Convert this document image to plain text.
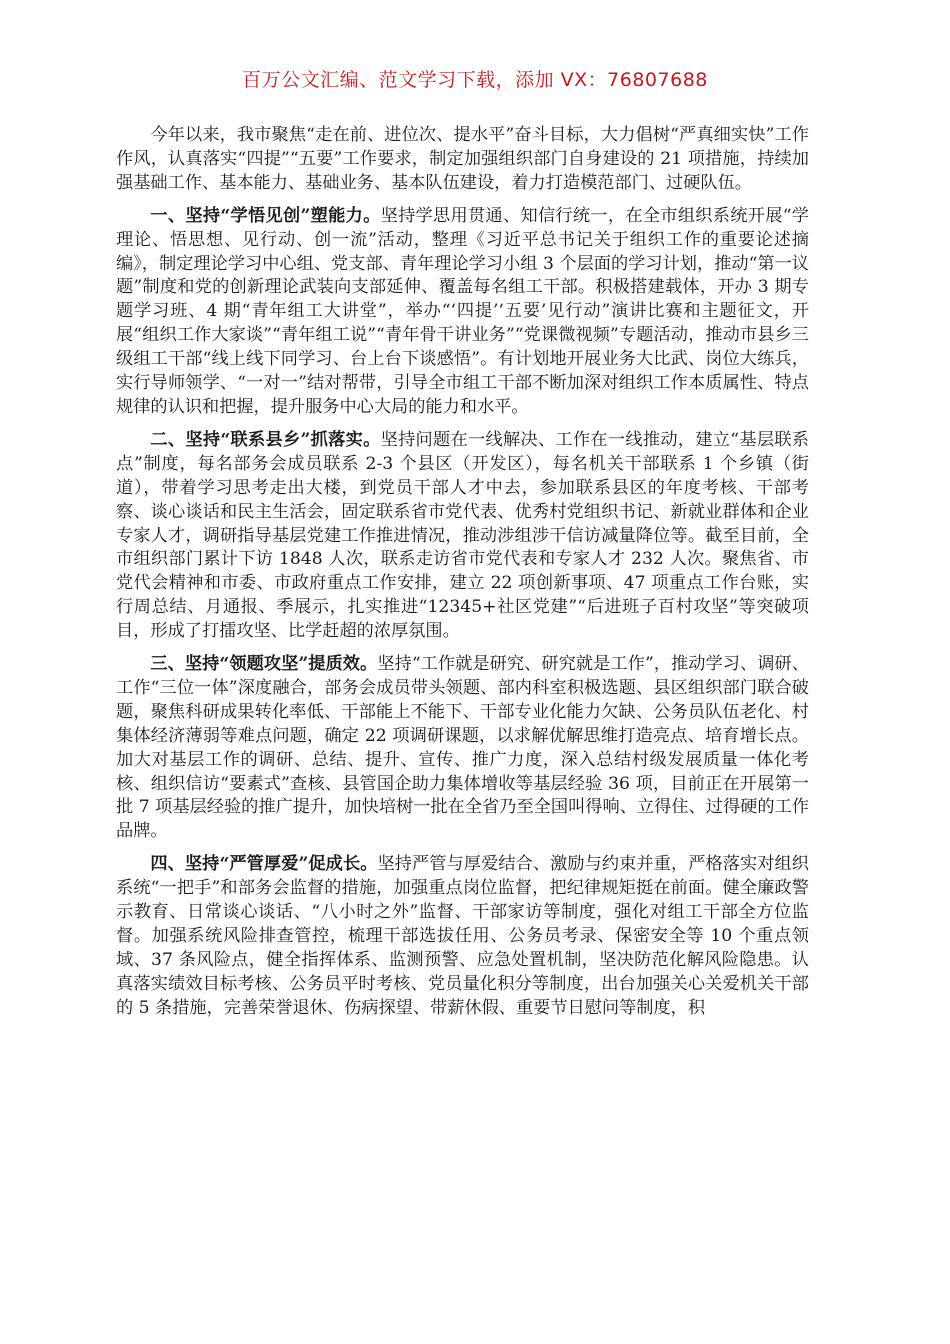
百万公文汇编、范文学习下载，添加 VX：76807688

今年以来，我市聚焦“走在前、进位次、提水平”奋斗目标，大力倡树“严真细实快”工作作风，认真落实“四提”“五要”工作要求，制定加强组织部门自身建设的 21 项措施，持续加强基础工作、基本能力、基础业务、基本队伍建设，着力打造模范部门、过硬队伍。

一、坚持“学悟见创”塑能力。坚持学思用贯通、知信行统一，在全市组织系统开展“学理论、悟思想、见行动、创一流”活动，整理《习近平总书记关于组织工作的重要论述摘编》，制定理论学习中心组、党支部、青年理论学习小组 3 个层面的学习计划，推动“第一议题”制度和党的创新理论武装向支部延伸、覆盖每名组工干部。积极搭建载体，开办 3 期专题学习班、4 期“青年组工大讲堂”，举办“‘四提’‘五要’见行动”演讲比赛和主题征文，开展“组织工作大家谈”“青年组工说”“青年骨干讲业务”“党课微视频”专题活动，推动市县乡三级组工干部“线上线下同学习、台上台下谈感悟”。有计划地开展业务大比武、岗位大练兵，实行导师领学、“一对一”结对帮带，引导全市组工干部不断加深对组织工作本质属性、特点规律的认识和把握，提升服务中心大局的能力和水平。

二、坚持“联系县乡”抓落实。坚持问题在一线解决、工作在一线推动，建立“基层联系点”制度，每名部务会成员联系 2-3 个县区（开发区），每名机关干部联系 1 个乡镇（街道），带着学习思考走出大楼，到党员干部人才中去，参加联系县区的年度考核、干部考察、谈心谈话和民主生活会，固定联系省市党代表、优秀村党组织书记、新就业群体和企业专家人才，调研指导基层党建工作推进情况，推动涉组涉干信访减量降位等。截至目前，全市组织部门累计下访 1848 人次，联系走访省市党代表和专家人才 232 人次。聚焦省、市党代会精神和市委、市政府重点工作安排，建立 22 项创新事项、47 项重点工作台账，实行周总结、月通报、季展示，扎实推进“12345+社区党建”“后进班子百村攻坚”等突破项目，形成了打擂攻坚、比学赶超的浓厚氛围。

三、坚持“领题攻坚”提质效。坚持“工作就是研究、研究就是工作”，推动学习、调研、工作“三位一体”深度融合，部务会成员带头领题、部内科室积极选题、县区组织部门联合破题，聚焦科研成果转化率低、干部能上不能下、干部专业化能力欠缺、公务员队伍老化、村集体经济薄弱等难点问题，确定 22 项调研课题，以求解优解思维打造亮点、培育增长点。加大对基层工作的调研、总结、提升、宣传、推广力度，深入总结村级发展质量一体化考核、组织信访“要素式”查核、县管国企助力集体增收等基层经验 36 项，目前正在开展第一批 7 项基层经验的推广提升，加快培树一批在全省乃至全国叫得响、立得住、过得硬的工作品牌。

四、坚持“严管厚爱”促成长。坚持严管与厚爱结合、激励与约束并重，严格落实对组织系统“一把手”和部务会监督的措施，加强重点岗位监督，把纪律规矩挺在前面。健全廉政警示教育、日常谈心谈话、“八小时之外”监督、干部家访等制度，强化对组工干部全方位监督。加强系统风险排查管控，梳理干部选拔任用、公务员考录、保密安全等 10 个重点领域、37 条风险点，健全指挥体系、监测预警、应急处置机制，坚决防范化解风险隐患。认真落实绩效目标考核、公务员平时考核、党员量化积分等制度，出台加强关心关爱机关干部的 5 条措施，完善荣誉退休、伤病探望、带薪休假、重要节日慰问等制度，积
